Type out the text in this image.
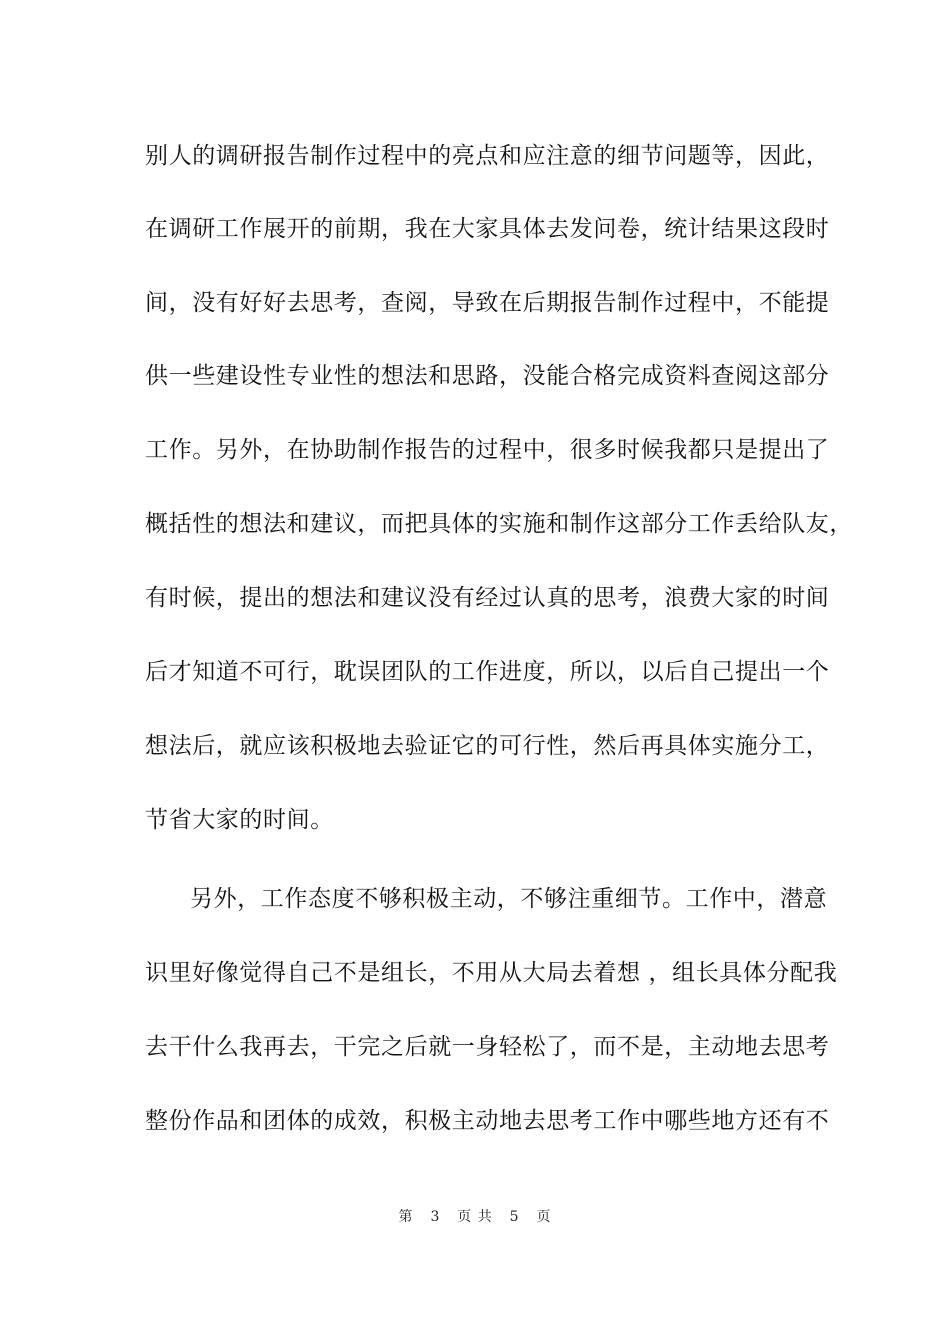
别人的调研报告制作过程中的亮点和应注意的细节问题等，因此，
在调研工作展开的前期，我在大家具体去发问卷，统计结果这段时
间，没有好好去思考，查阅，导致在后期报告制作过程中，不能提
供一些建设性专业性的想法和思路，没能合格完成资料查阅这部分
工作。另外，在协助制作报告的过程中，很多时候我都只是提出了
概括性的想法和建议，而把具体的实施和制作这部分工作丢给队友，
有时候，提出的想法和建议没有经过认真的思考，浪费大家的时间
后才知道不可行，耽误团队的工作进度，所以，以后自己提出一个
想法后，就应该积极地去验证它的可行性，然后再具体实施分工，
节省大家的时间。
另外，工作态度不够积极主动，不够注重细节。工作中，潜意
识里好像觉得自己不是组长，不用从大局去着想 ，组长具体分配我
去干什么我再去，干完之后就一身轻松了，而不是，主动地去思考
整份作品和团体的成效，积极主动地去思考工作中哪些地方还有不
第 3 页 共 5 页
